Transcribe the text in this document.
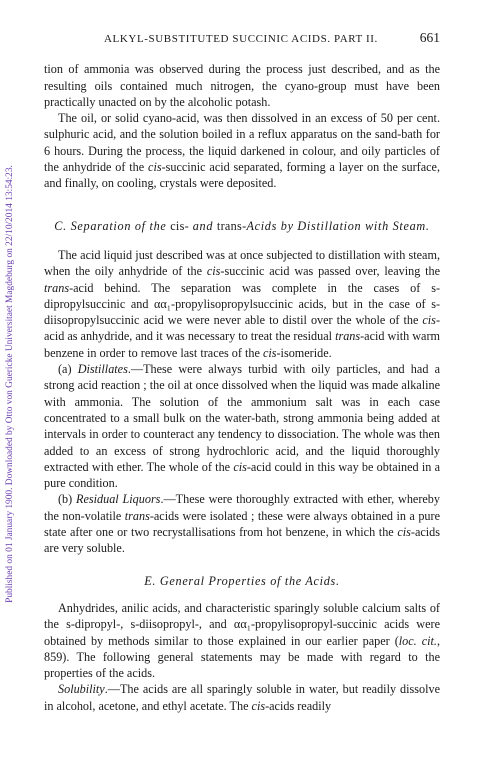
Published on 01 January 1900. Downloaded by Otto von Guericke Universitaet Magdeburg on 22/10/2014 13:54:23.
ALKYL-SUBSTITUTED SUCCINIC ACIDS. PART II.	661

tion of ammonia was observed during the process just described, and as the resulting oils contained much nitrogen, the cyano-group must have been practically unacted on by the alcoholic potash.

The oil, or solid cyano-acid, was then dissolved in an excess of 50 per cent. sulphuric acid, and the solution boiled in a reflux apparatus on the sand-bath for 6 hours. During the process, the liquid darkened in colour, and oily particles of the anhydride of the cis-succinic acid separated, forming a layer on the surface, and finally, on cooling, crystals were deposited.

C. Separation of the cis- and trans-Acids by Distillation with Steam.

The acid liquid just described was at once subjected to distillation with steam, when the oily anhydride of the cis-succinic acid was passed over, leaving the trans-acid behind. The separation was complete in the cases of s-dipropylsuccinic and αα₁-propylisopropylsuccinic acids, but in the case of s-diisopropylsuccinic acid we were never able to distil over the whole of the cis- acid as anhydride, and it was necessary to treat the residual trans-acid with warm benzene in order to remove last traces of the cis-isomeride.

(a) Distillates.—These were always turbid with oily particles, and had a strong acid reaction ; the oil at once dissolved when the liquid was made alkaline with ammonia. The solution of the ammonium salt was in each case concentrated to a small bulk on the water-bath, strong ammonia being added at intervals in order to counteract any tendency to dissociation. The whole was then added to an excess of strong hydrochloric acid, and the liquid thoroughly extracted with ether. The whole of the cis-acid could in this way be obtained in a pure condition.

(b) Residual Liquors.—These were thoroughly extracted with ether, whereby the non-volatile trans-acids were isolated ; these were always obtained in a pure state after one or two recrystallisations from hot benzene, in which the cis-acids are very soluble.

E. General Properties of the Acids.

Anhydrides, anilic acids, and characteristic sparingly soluble calcium salts of the s-dipropyl-, s-diisopropyl-, and αα₁-propylisopropyl-succinic acids were obtained by methods similar to those explained in our earlier paper (loc. cit., 859). The following general statements may be made with regard to the properties of the acids.

Solubility.—The acids are all sparingly soluble in water, but readily dissolve in alcohol, acetone, and ethyl acetate. The cis-acids readily
